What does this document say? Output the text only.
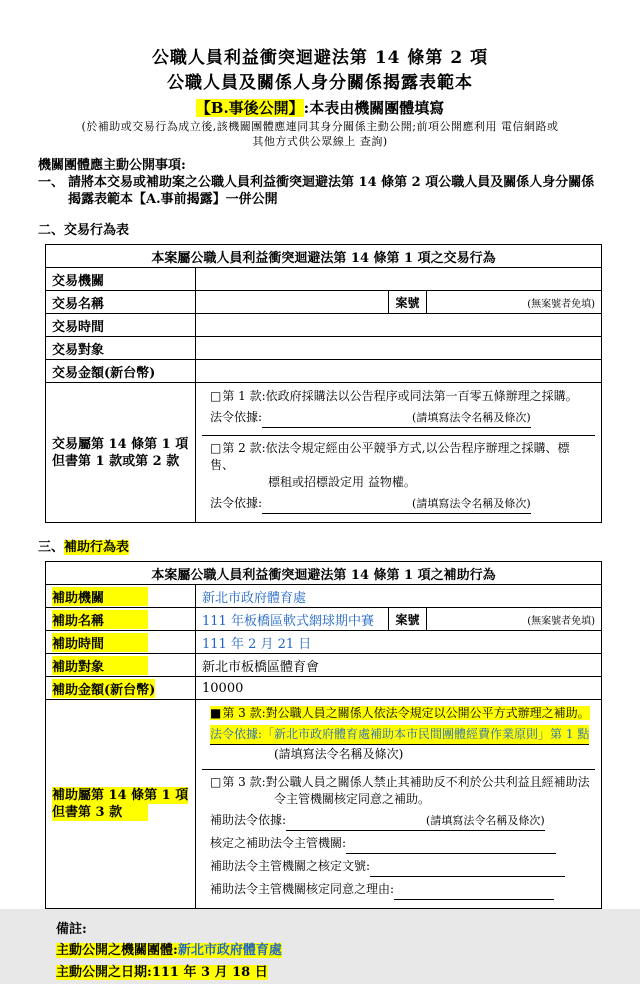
公職人員利益衝突迴避法第 14 條第 2 項
公職人員及關係人身分關係揭露表範本
【B.事後公開】:本表由機關團體填寫
(於補助或交易行為成立後,該機關團體應連同其身分關係主動公開;前項公開應利用 電信網路或
其他方式供公眾線上 查詢)
機關團體應主動公開事項:
一、 請將本交易或補助案之公職人員利益衝突迴避法第 14 條第 2 項公職人員及關係人身分關係揭露表範本【A.事前揭露】一併公開
二、交易行為表
本案屬公職人員利益衝突迴避法第 14 條第 1 項之交易行為			
交易機關			
交易名稱		案號	(無案號者免填)
交易時間			
交易對象			
交易金額(新台幣)			

交易屬第 14 條第 1 項
但書第 1 款或第 2 款

□第 1 款:依政府採購法以公告程序或同法第一百零五條辦理之採購。
法令依據:	(請填寫法令名稱及條次)
□第 2 款:依法令規定經由公平競爭方式,以公告程序辦理之採購、標售、
標租或招標設定用 益物權。
法令依據:	(請填寫法令名稱及條次)
三、補助行為表
本案屬公職人員利益衝突迴避法第 14 條第 1 項之補助行為			
補助機關	新北市政府體育處		
補助名稱	111 年板橋區軟式網球期中賽	案號	(無案號者免填)
補助時間	111 年 2 月 21 日		
補助對象	新北市板橋區體育會		
補助金額(新台幣)	10000		

補助屬第 14 條第 1 項
但書第 3 款

■第 3 款:對公職人員之關係人依法令規定以公開公平方式辦理之補助。
法令依據:「新北市政府體育處補助本市民間團體經費作業原則」第 1 點
(請填寫法令名稱及條次)
□第 3 款:對公職人員之關係人禁止其補助反不利於公共利益且經補助法
令主管機關核定同意之補助。
補助法令依據:	(請填寫法令名稱及條次)
核定之補助法令主管機關:
補助法令主管機關之核定文號:
補助法令主管機關核定同意之理由:
備註:
主動公開之機關團體:新北市政府體育處
主動公開之日期:111 年 3 月 18 日
